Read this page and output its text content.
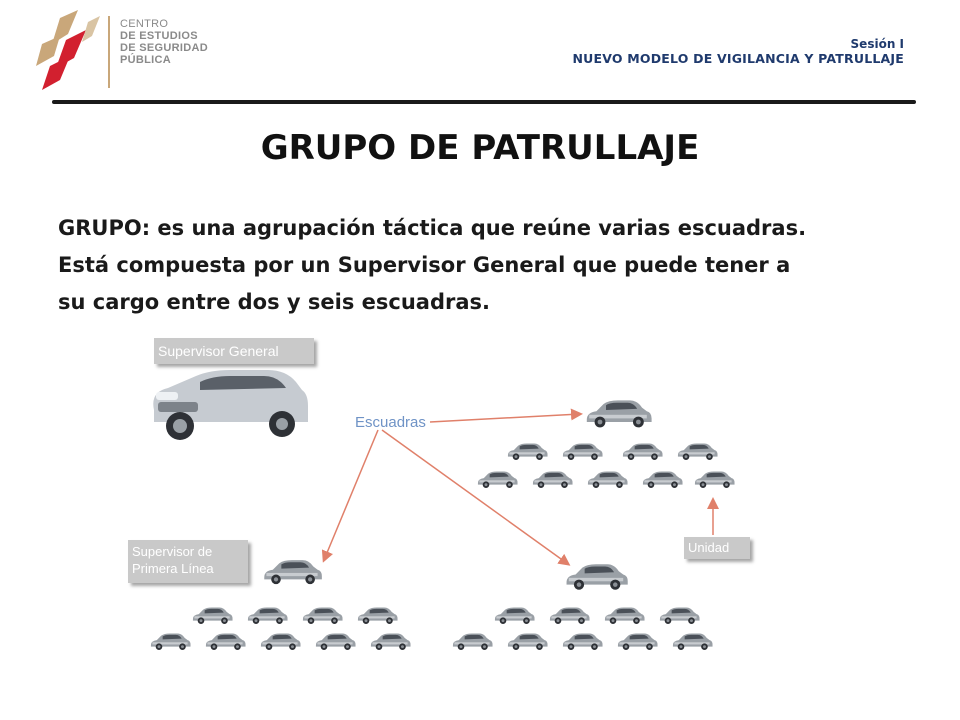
CENTRO
DE ESTUDIOS
DE SEGURIDAD
PÚBLICA
Sesión I
NUEVO MODELO DE VIGILANCIA Y PATRULLAJE
GRUPO DE PATRULLAJE

GRUPO: es una agrupación táctica que reúne varias escuadras.

Está compuesta por un Supervisor General que puede tener a

su cargo entre dos y seis escuadras.

Supervisor General
Escuadras
Supervisor de
Primera Línea
Unidad
